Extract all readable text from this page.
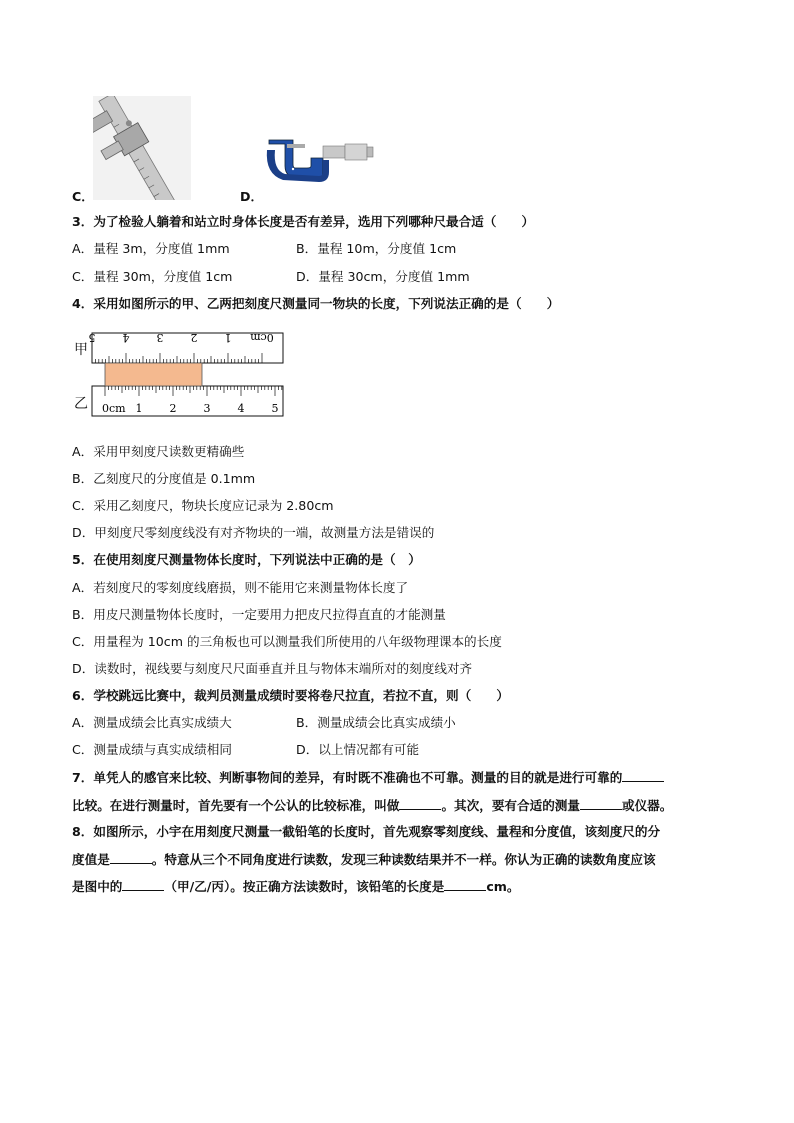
C．	D．
3．为了检验人躺着和站立时身体长度是否有差异，选用下列哪种尺最合适（　　）
A．量程 3m，分度值 1mm	B．量程 10m，分度值 1cm
C．量程 30m，分度值 1cm	D．量程 30cm，分度值 1mm
4．采用如图所示的甲、乙两把刻度尺测量同一物块的长度，下列说法正确的是（　　）
甲
乙
5 4 3 2 1 0cm
0cm 1 2 3 4 5
A．采用甲刻度尺读数更精确些
B．乙刻度尺的分度值是 0.1mm
C．采用乙刻度尺，物块长度应记录为 2.80cm
D．甲刻度尺零刻度线没有对齐物块的一端，故测量方法是错误的
5．在使用刻度尺测量物体长度时，下列说法中正确的是（　）
A．若刻度尺的零刻度线磨损，则不能用它来测量物体长度了
B．用皮尺测量物体长度时，一定要用力把皮尺拉得直直的才能测量
C．用量程为 10cm 的三角板也可以测量我们所使用的八年级物理课本的长度
D．读数时，视线要与刻度尺尺面垂直并且与物体末端所对的刻度线对齐
6．学校跳远比赛中，裁判员测量成绩时要将卷尺拉直，若拉不直，则（　　）
A．测量成绩会比真实成绩大	B．测量成绩会比真实成绩小
C．测量成绩与真实成绩相同	D．以上情况都有可能
7．单凭人的感官来比较、判断事物间的差异，有时既不准确也不可靠。测量的目的就是进行可靠的
比较。在进行测量时，首先要有一个公认的比较标准，叫做	。其次，要有合适的测量	或仪器。
8．如图所示，小宇在用刻度尺测量一截铅笔的长度时，首先观察零刻度线、量程和分度值，该刻度尺的分
度值是	。特意从三个不同角度进行读数，发现三种读数结果并不一样。你认为正确的读数角度应该
是图中的	（甲/乙/丙）。按正确方法读数时，该铅笔的长度是	cm。
